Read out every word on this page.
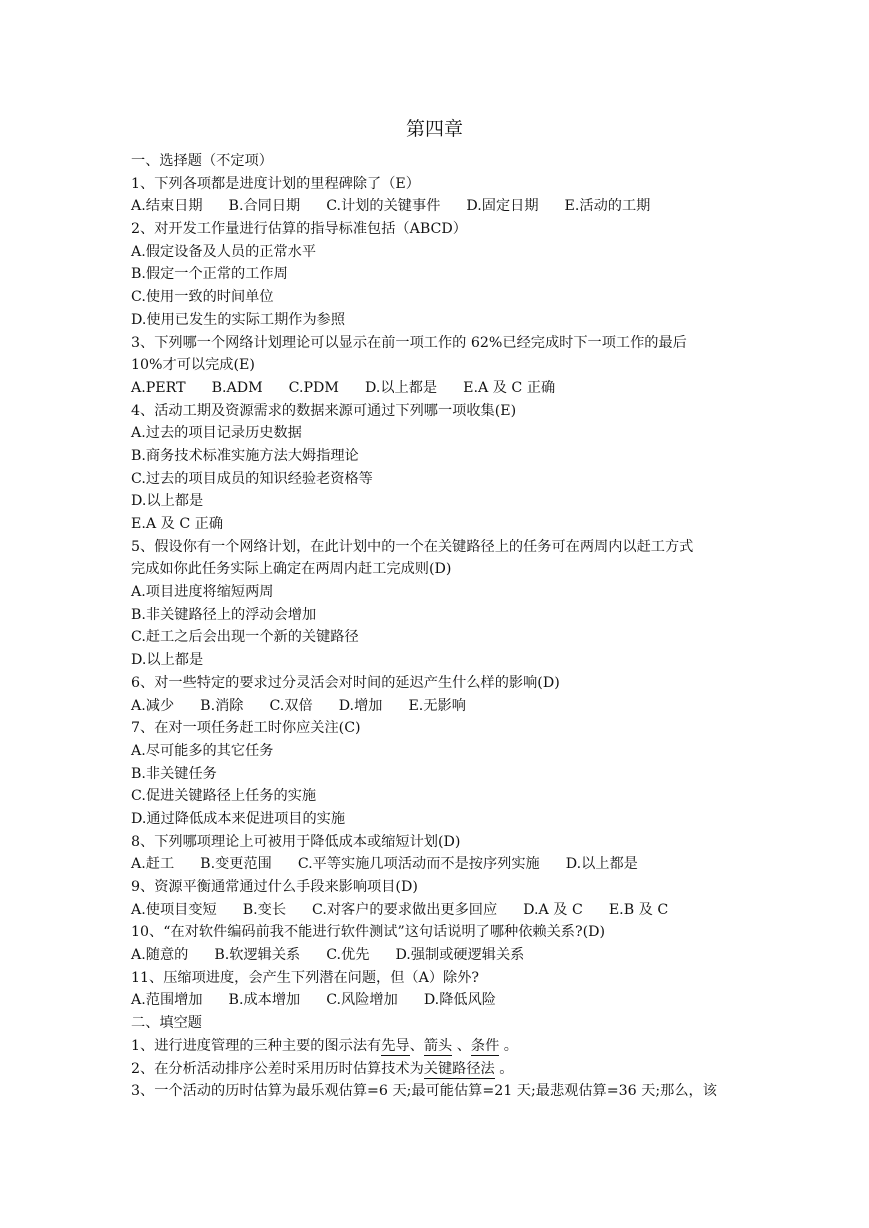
第四章
一、选择题（不定项）
1、下列各项都是进度计划的里程碑除了（E）
A.结束日期 B.合同日期 C.计划的关键事件 D.固定日期 E.活动的工期
2、对开发工作量进行估算的指导标准包括（ABCD）
A.假定设备及人员的正常水平
B.假定一个正常的工作周
C.使用一致的时间单位
D.使用已发生的实际工期作为参照
3、下列哪一个网络计划理论可以显示在前一项工作的 62%已经完成时下一项工作的最后
10%才可以完成(E)
A.PERT B.ADM C.PDM D.以上都是 E.A 及 C 正确
4、活动工期及资源需求的数据来源可通过下列哪一项收集(E)
A.过去的项目记录历史数据
B.商务技术标准实施方法大姆指理论
C.过去的项目成员的知识经验老资格等
D.以上都是
E.A 及 C 正确
5、假设你有一个网络计划，在此计划中的一个在关键路径上的任务可在两周内以赶工方式
完成如你此任务实际上确定在两周内赶工完成则(D)
A.项目进度将缩短两周
B.非关键路径上的浮动会增加
C.赶工之后会出现一个新的关键路径
D.以上都是
6、对一些特定的要求过分灵活会对时间的延迟产生什么样的影响(D)
A.减少 B.消除 C.双倍 D.增加 E.无影响
7、在对一项任务赶工时你应关注(C)
A.尽可能多的其它任务
B.非关键任务
C.促进关键路径上任务的实施
D.通过降低成本来促进项目的实施
8、下列哪项理论上可被用于降低成本或缩短计划(D)
A.赶工 B.变更范围 C.平等实施几项活动而不是按序列实施 D.以上都是
9、资源平衡通常通过什么手段来影响项目(D)
A.使项目变短 B.变长 C.对客户的要求做出更多回应 D.A 及 C E.B 及 C
10、“在对软件编码前我不能进行软件测试”这句话说明了哪种依赖关系?(D)
A.随意的 B.软逻辑关系 C.优先 D.强制或硬逻辑关系
11、压缩项进度，会产生下列潜在问题，但（A）除外?
A.范围增加 B.成本增加 C.风险增加 D.降低风险
二、填空题
1、进行进度管理的三种主要的图示法有先导、箭头 、条件 。
2、在分析活动排序公差时采用历时估算技术为关键路径法 。
3、一个活动的历时估算为最乐观估算=6 天;最可能估算=21 天;最悲观估算=36 天;那么，该
